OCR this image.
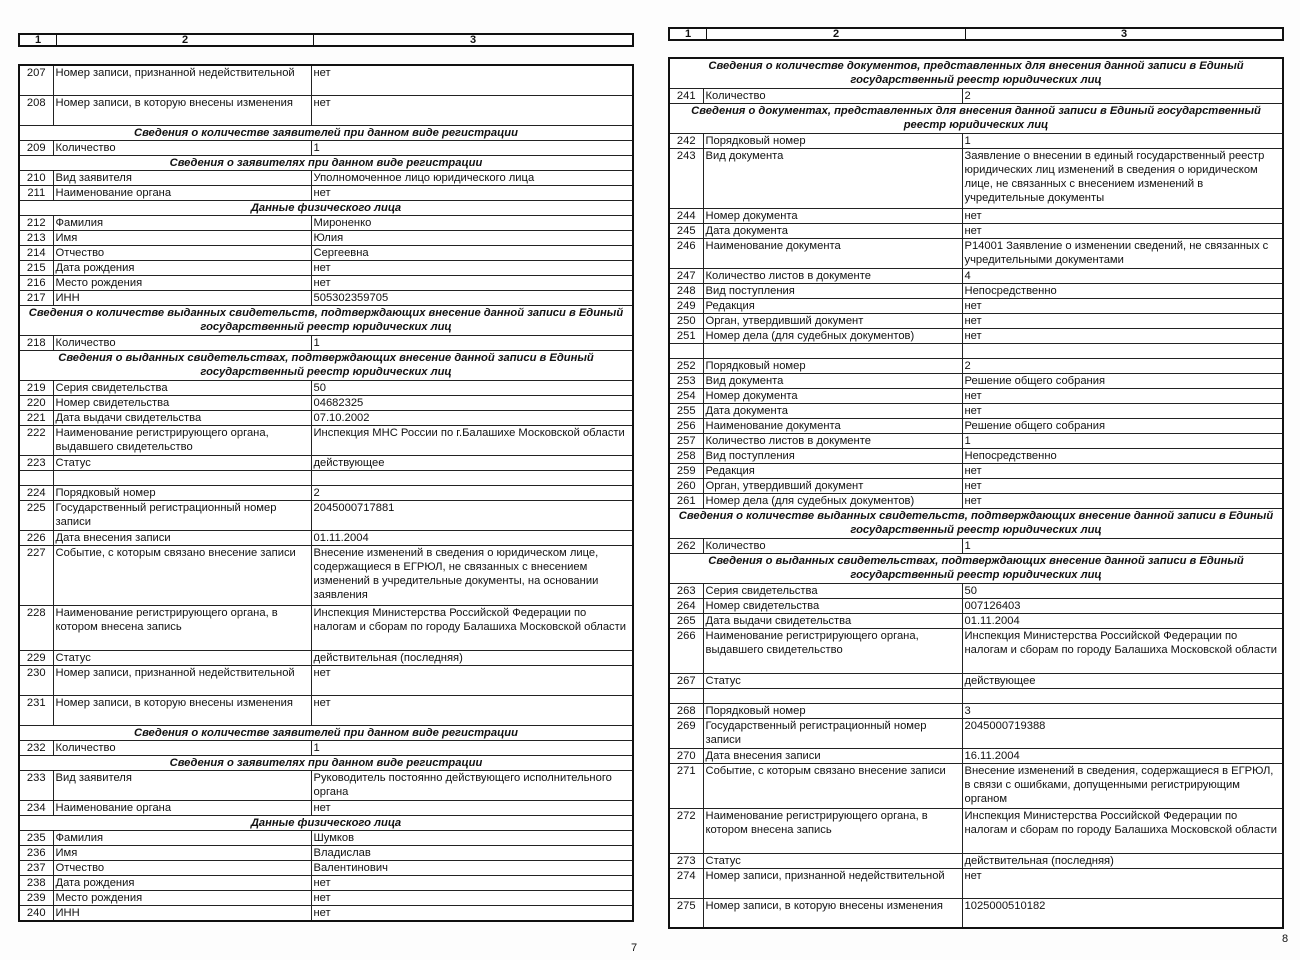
1	2	3
207	Номер записи, признанной недействительной	нет
208	Номер записи, в которую внесены изменения	нет
Сведения о количестве заявителей при данном виде регистрации		
209	Количество	1
Сведения о заявителях при данном виде регистрации		
210	Вид заявителя	Уполномоченное лицо юридического лица
211	Наименование органа	нет
Данные физического лица		
212	Фамилия	Мироненко
213	Имя	Юлия
214	Отчество	Сергеевна
215	Дата рождения	нет
216	Место рождения	нет
217	ИНН	505302359705
Сведения о количестве выданных свидетельств, подтверждающих внесение данной записи в Единый государственный реестр юридических лиц		
218	Количество	1
Сведения о выданных свидетельствах, подтверждающих внесение данной записи в Единый государственный реестр юридических лиц		
219	Серия свидетельства	50
220	Номер свидетельства	04682325
221	Дата выдачи свидетельства	07.10.2002
222	Наименование регистрирующего органа, выдавшего свидетельство	Инспекция МНС России по г.Балашихе Московской области
223	Статус	действующее

224	Порядковый номер	2
225	Государственный регистрационный номер записи	2045000717881
226	Дата внесения записи	01.11.2004
227	Событие, с которым связано внесение записи	Внесение изменений в сведения о юридическом лице, содержащиеся в ЕГРЮЛ, не связанных с внесением изменений в учредительные документы, на основании заявления
228	Наименование регистрирующего органа, в котором внесена запись	Инспекция Министерства Российской Федерации по налогам и сборам по городу Балашиха Московской области
229	Статус	действительная (последняя)
230	Номер записи, признанной недействительной	нет
231	Номер записи, в которую внесены изменения	нет
Сведения о количестве заявителей при данном виде регистрации		
232	Количество	1
Сведения о заявителях при данном виде регистрации		
233	Вид заявителя	Руководитель постоянно действующего исполнительного органа
234	Наименование органа	нет
Данные физического лица		
235	Фамилия	Шумков
236	Имя	Владислав
237	Отчество	Валентинович
238	Дата рождения	нет
239	Место рождения	нет
240	ИНН	нет
7
1	2	3
Сведения о количестве документов, представленных для внесения данной записи в Единый государственный реестр юридических лиц		
241	Количество	2
Сведения о документах, представленных для внесения данной записи в Единый государственный реестр юридических лиц		
242	Порядковый номер	1
243	Вид документа	Заявление о внесении в единый государственный реестр юридических лиц изменений в сведения о юридическом лице, не связанных с внесением изменений в учредительные документы
244	Номер документа	нет
245	Дата документа	нет
246	Наименование документа	Р14001 Заявление о изменении сведений, не связанных с учредительными документами
247	Количество листов в документе	4
248	Вид поступления	Непосредственно
249	Редакция	нет
250	Орган, утвердивший документ	нет
251	Номер дела (для судебных документов)	нет

252	Порядковый номер	2
253	Вид документа	Решение общего собрания
254	Номер документа	нет
255	Дата документа	нет
256	Наименование документа	Решение общего собрания
257	Количество листов в документе	1
258	Вид поступления	Непосредственно
259	Редакция	нет
260	Орган, утвердивший документ	нет
261	Номер дела (для судебных документов)	нет
Сведения о количестве выданных свидетельств, подтверждающих внесение данной записи в Единый государственный реестр юридических лиц		
262	Количество	1
Сведения о выданных свидетельствах, подтверждающих внесение данной записи в Единый государственный реестр юридических лиц		
263	Серия свидетельства	50
264	Номер свидетельства	007126403
265	Дата выдачи свидетельства	01.11.2004
266	Наименование регистрирующего органа, выдавшего свидетельство	Инспекция Министерства Российской Федерации по налогам и сборам по городу Балашиха Московской области
267	Статус	действующее

268	Порядковый номер	3
269	Государственный регистрационный номер записи	2045000719388
270	Дата внесения записи	16.11.2004
271	Событие, с которым связано внесение записи	Внесение изменений в сведения, содержащиеся в ЕГРЮЛ, в связи с ошибками, допущенными регистрирующим органом
272	Наименование регистрирующего органа, в котором внесена запись	Инспекция Министерства Российской Федерации по налогам и сборам по городу Балашиха Московской области
273	Статус	действительная (последняя)
274	Номер записи, признанной недействительной	нет
275	Номер записи, в которую внесены изменения	1025000510182
8
